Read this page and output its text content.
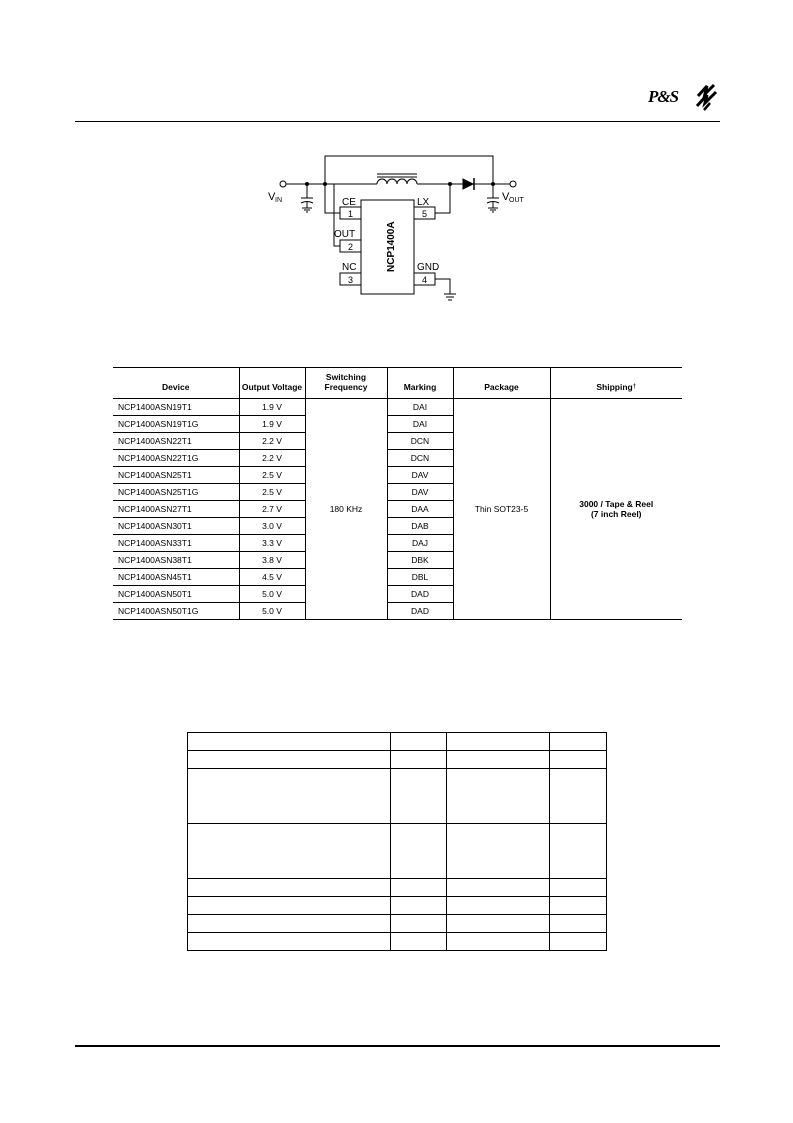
P&S
V IN	V OUT
CE
1
OUT
2
NC
3
GND
4
LX
5
NCP1400A
Device	Output Voltage	Switching Frequency	Marking	Package	Shipping†
NCP1400ASN19T1	1.9 V	180 KHz	DAI	Thin SOT23-5	3000 / Tape & Reel
(7 inch Reel)

NCP1400ASN19T1G	1.9 V		DAI		
NCP1400ASN22T1	2.2 V		DCN		
NCP1400ASN22T1G	2.2 V		DCN		
NCP1400ASN25T1	2.5 V		DAV		
NCP1400ASN25T1G	2.5 V		DAV		
NCP1400ASN27T1	2.7 V		DAA		
NCP1400ASN30T1	3.0 V		DAB		
NCP1400ASN33T1	3.3 V		DAJ		
NCP1400ASN38T1	3.8 V		DBK		
NCP1400ASN45T1	4.5 V		DBL		
NCP1400ASN50T1	5.0 V		DAD		
NCP1400ASN50T1G	5.0 V		DAD		
